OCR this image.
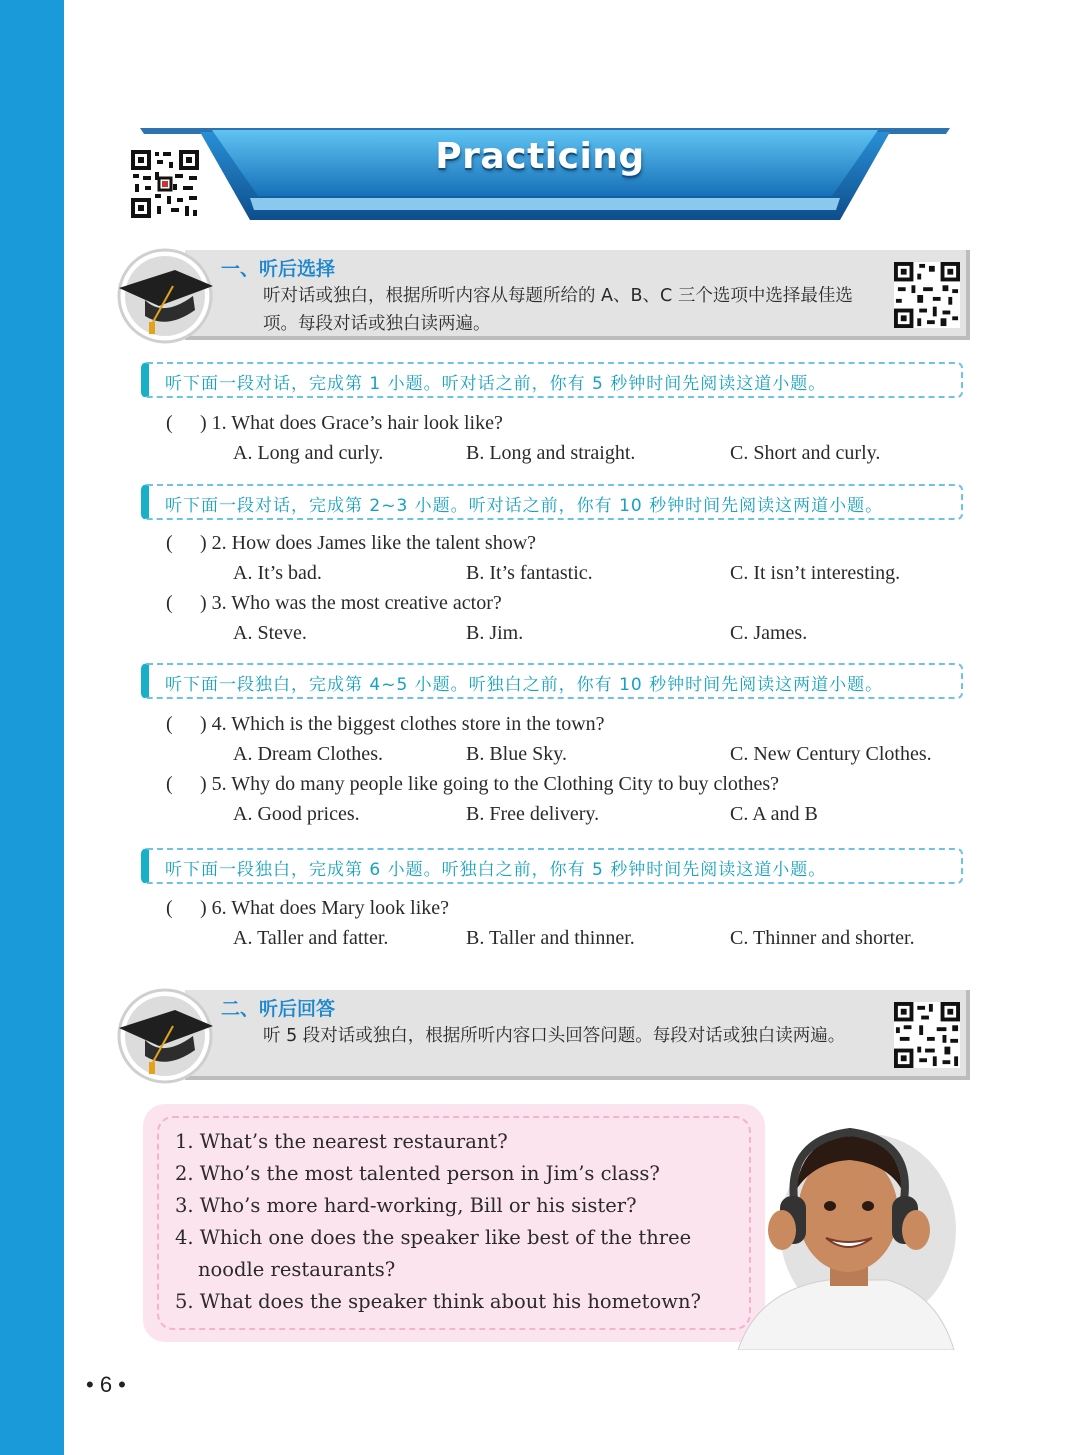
Practicing
一、听后选择
听对话或独白，根据所听内容从每题所给的 A、B、C 三个选项中选择最佳选项。每段对话或独白读两遍。
听下面一段对话，完成第 1 小题。听对话之前，你有 5 秒钟时间先阅读这道小题。
听下面一段对话，完成第 2~3 小题。听对话之前，你有 10 秒钟时间先阅读这两道小题。
听下面一段独白，完成第 4~5 小题。听独白之前，你有 10 秒钟时间先阅读这两道小题。
听下面一段独白，完成第 6 小题。听独白之前，你有 5 秒钟时间先阅读这道小题。
( ) 1. What does Grace’s hair look like?
A. Long and curly.	B. Long and straight.	C. Short and curly.
( ) 2. How does James like the talent show?
A. It’s bad.	B. It’s fantastic.	C. It isn’t interesting.
( ) 3. Who was the most creative actor?
A. Steve.	B. Jim.	C. James.
( ) 4. Which is the biggest clothes store in the town?
A. Dream Clothes.	B. Blue Sky.	C. New Century Clothes.
( ) 5. Why do many people like going to the Clothing City to buy clothes?
A. Good prices.	B. Free delivery.	C. A and B
( ) 6. What does Mary look like?
A. Taller and fatter.	B. Taller and thinner.	C. Thinner and shorter.
二、听后回答
听 5 段对话或独白，根据所听内容口头回答问题。每段对话或独白读两遍。
1. What’s the nearest restaurant?
2. Who’s the most talented person in Jim’s class?
3. Who’s more hard-working, Bill or his sister?
4. Which one does the speaker like best of the three
noodle restaurants?
5. What does the speaker think about his hometown?
• 6 •
